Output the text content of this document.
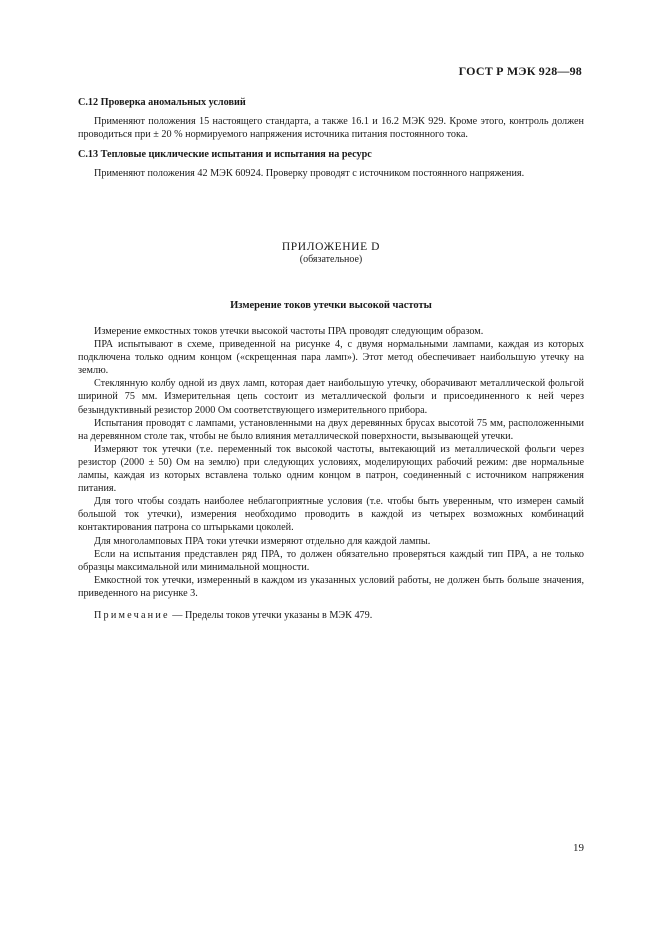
ГОСТ Р МЭК 928—98

С.12 Проверка аномальных условий

Применяют положения 15 настоящего стандарта, а также 16.1 и 16.2 МЭК 929. Кроме этого, контроль должен проводиться при ± 20 % нормируемого напряжения источника питания постоянного тока.

С.13 Тепловые циклические испытания и испытания на ресурс

Применяют положения 42 МЭК 60924. Проверку проводят с источником постоянного напряжения.

ПРИЛОЖЕНИЕ D
(обязательное)
Измерение токов утечки высокой частоты

Измерение емкостных токов утечки высокой частоты ПРА проводят следующим образом.

ПРА испытывают в схеме, приведенной на рисунке 4, с двумя нормальными лампами, каждая из которых подключена только одним концом («скрещенная пара ламп»). Этот метод обеспечивает наибольшую утечку на землю.

Стеклянную колбу одной из двух ламп, которая дает наибольшую утечку, оборачивают металлической фольгой шириной 75 мм. Измерительная цепь состоит из металлической фольги и присоединенного к ней через безындуктивный резистор 2000 Ом соответствующего измерительного прибора.

Испытания проводят с лампами, установленными на двух деревянных брусах высотой 75 мм, расположенными на деревянном столе так, чтобы не было влияния металлической поверхности, вызывающей утечки.

Измеряют ток утечки (т.е. переменный ток высокой частоты, вытекающий из металлической фольги через резистор (2000 ± 50) Ом на землю) при следующих условиях, моделирующих рабочий режим: две нормальные лампы, каждая из которых вставлена только одним концом в патрон, соединенный с источником напряжения питания.

Для того чтобы создать наиболее неблагоприятные условия (т.е. чтобы быть уверенным, что измерен самый большой ток утечки), измерения необходимо проводить в каждой из четырех возможных комбинаций контактирования патрона со штырьками цоколей.

Для многоламповых ПРА токи утечки измеряют отдельно для каждой лампы.

Если на испытания представлен ряд ПРА, то должен обязательно проверяться каждый тип ПРА, а не только образцы максимальной или минимальной мощности.

Емкостной ток утечки, измеренный в каждом из указанных условий работы, не должен быть больше значения, приведенного на рисунке 3.

Примечание — Пределы токов утечки указаны в МЭК 479.
19
